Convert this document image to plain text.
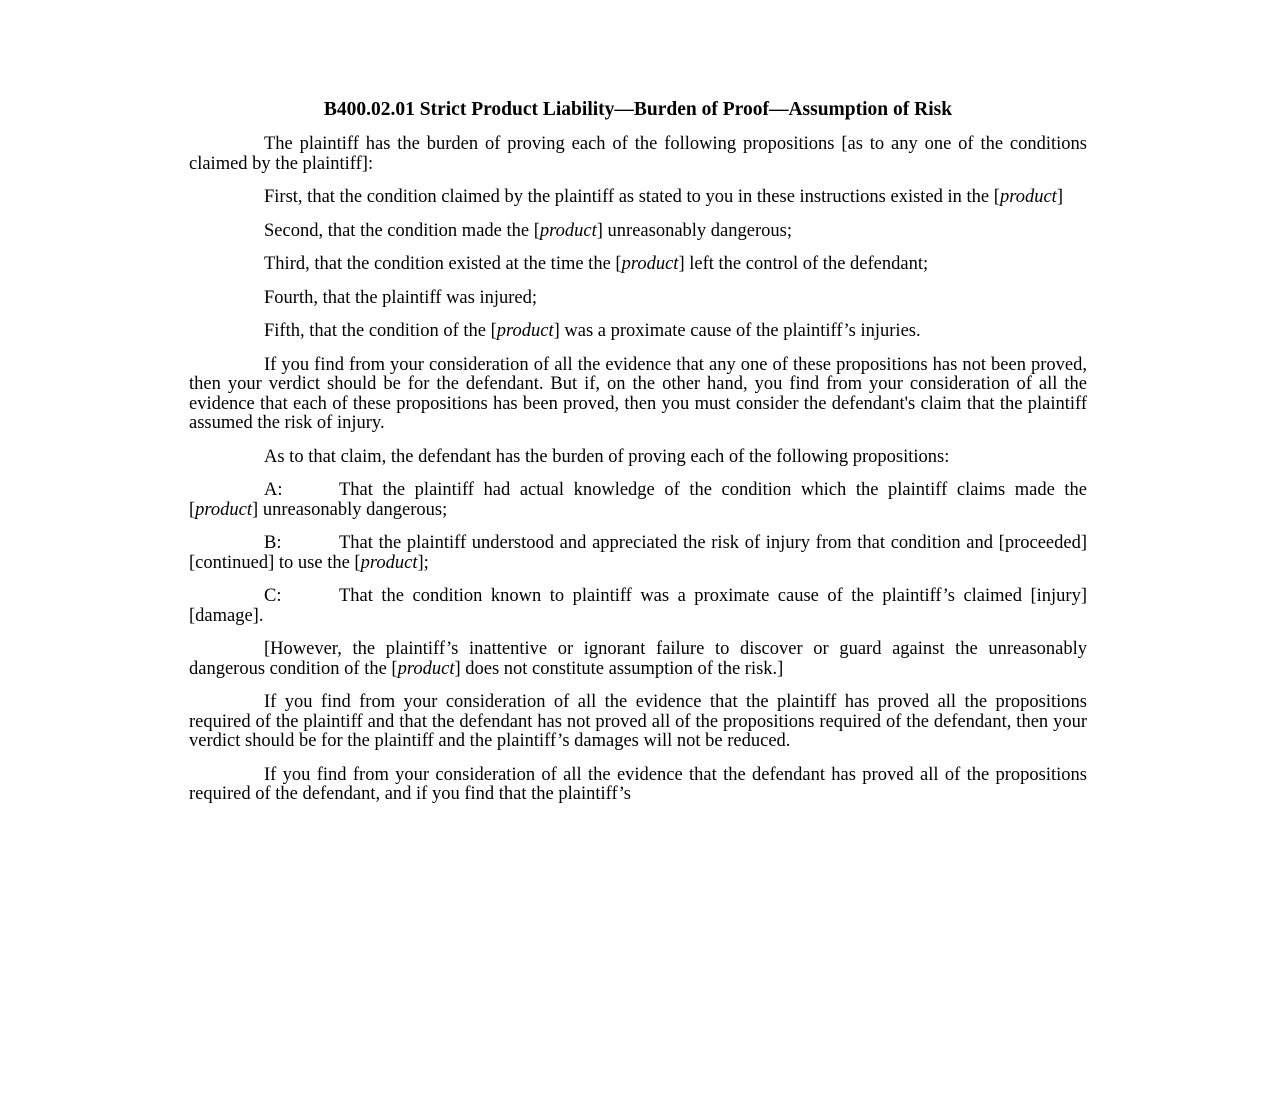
B400.02.01 Strict Product Liability—Burden of Proof—Assumption of Risk

The plaintiff has the burden of proving each of the following propositions [as to any one of the conditions claimed by the plaintiff]:

First, that the condition claimed by the plaintiff as stated to you in these instructions existed in the [product]

Second, that the condition made the [product] unreasonably dangerous;

Third, that the condition existed at the time the [product] left the control of the defendant;

Fourth, that the plaintiff was injured;

Fifth, that the condition of the [product] was a proximate cause of the plaintiff’s injuries.

If you find from your consideration of all the evidence that any one of these propositions has not been proved, then your verdict should be for the defendant. But if, on the other hand, you find from your consideration of all the evidence that each of these propositions has been proved, then you must consider the defendant's claim that the plaintiff assumed the risk of injury.

As to that claim, the defendant has the burden of proving each of the following propositions:

A:	That the plaintiff had actual knowledge of the condition which the plaintiff claims made the [product] unreasonably dangerous;

B:	That the plaintiff understood and appreciated the risk of injury from that condition and [proceeded] [continued] to use the [product];

C:	That the condition known to plaintiff was a proximate cause of the plaintiff’s claimed [injury] [damage].

[However, the plaintiff’s inattentive or ignorant failure to discover or guard against the unreasonably dangerous condition of the [product] does not constitute assumption of the risk.]

If you find from your consideration of all the evidence that the plaintiff has proved all the propositions required of the plaintiff and that the defendant has not proved all of the propositions required of the defendant, then your verdict should be for the plaintiff and the plaintiff’s damages will not be reduced.

If you find from your consideration of all the evidence that the defendant has proved all of the propositions required of the defendant, and if you find that the plaintiff’s
